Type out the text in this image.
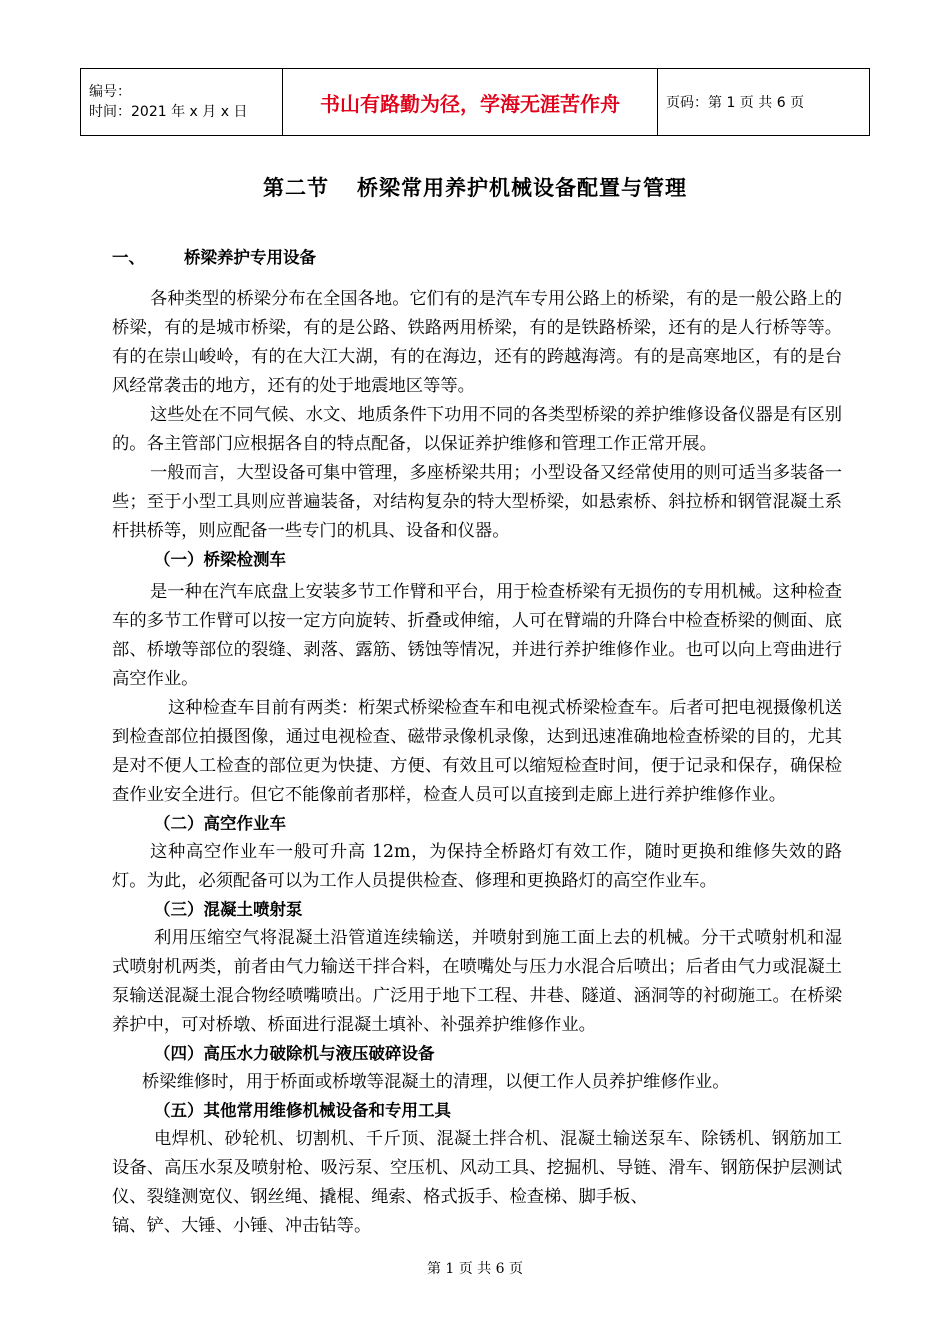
编号：
时间：2021 年 x 月 x 日	书山有路勤为径，学海无涯苦作舟	页码：第 1 页 共 6 页
第二节 桥梁常用养护机械设备配置与管理
一、 桥梁养护专用设备

各种类型的桥梁分布在全国各地。它们有的是汽车专用公路上的桥梁，有的是一般公路上的桥梁，有的是城市桥梁，有的是公路、铁路两用桥梁，有的是铁路桥梁，还有的是人行桥等等。有的在崇山峻岭，有的在大江大湖，有的在海边，还有的跨越海湾。有的是高寒地区，有的是台风经常袭击的地方，还有的处于地震地区等等。

这些处在不同气候、水文、地质条件下功用不同的各类型桥梁的养护维修设备仪器是有区别的。各主管部门应根据各自的特点配备，以保证养护维修和管理工作正常开展。

一般而言，大型设备可集中管理，多座桥梁共用；小型设备又经常使用的则可适当多装备一些；至于小型工具则应普遍装备，对结构复杂的特大型桥梁，如悬索桥、斜拉桥和钢管混凝土系杆拱桥等，则应配备一些专门的机具、设备和仪器。

（一）桥梁检测车

是一种在汽车底盘上安装多节工作臂和平台，用于检查桥梁有无损伤的专用机械。这种检查车的多节工作臂可以按一定方向旋转、折叠或伸缩，人可在臂端的升降台中检查桥梁的侧面、底部、桥墩等部位的裂缝、剥落、露筋、锈蚀等情况，并进行养护维修作业。也可以向上弯曲进行高空作业。

这种检查车目前有两类：桁架式桥梁检查车和电视式桥梁检查车。后者可把电视摄像机送到检查部位拍摄图像，通过电视检查、磁带录像机录像，达到迅速准确地检查桥梁的目的，尤其是对不便人工检查的部位更为快捷、方便、有效且可以缩短检查时间，便于记录和保存，确保检查作业安全进行。但它不能像前者那样，检查人员可以直接到走廊上进行养护维修作业。

（二）高空作业车

这种高空作业车一般可升高 12m，为保持全桥路灯有效工作，随时更换和维修失效的路灯。为此，必须配备可以为工作人员提供检查、修理和更换路灯的高空作业车。

（三）混凝土喷射泵

利用压缩空气将混凝土沿管道连续输送，并喷射到施工面上去的机械。分干式喷射机和湿式喷射机两类，前者由气力输送干拌合料，在喷嘴处与压力水混合后喷出；后者由气力或混凝土泵输送混凝土混合物经喷嘴喷出。广泛用于地下工程、井巷、隧道、涵洞等的衬砌施工。在桥梁养护中，可对桥墩、桥面进行混凝土填补、补强养护维修作业。

（四）高压水力破除机与液压破碎设备

桥梁维修时，用于桥面或桥墩等混凝土的清理，以便工作人员养护维修作业。

（五）其他常用维修机械设备和专用工具

电焊机、砂轮机、切割机、千斤顶、混凝土拌合机、混凝土输送泵车、除锈机、钢筋加工设备、高压水泵及喷射枪、吸污泵、空压机、风动工具、挖掘机、导链、滑车、钢筋保护层测试仪、裂缝测宽仪、钢丝绳、撬棍、绳索、格式扳手、检查梯、脚手板、

镐、铲、大锤、小锤、冲击钻等。

第 1 页 共 6 页
